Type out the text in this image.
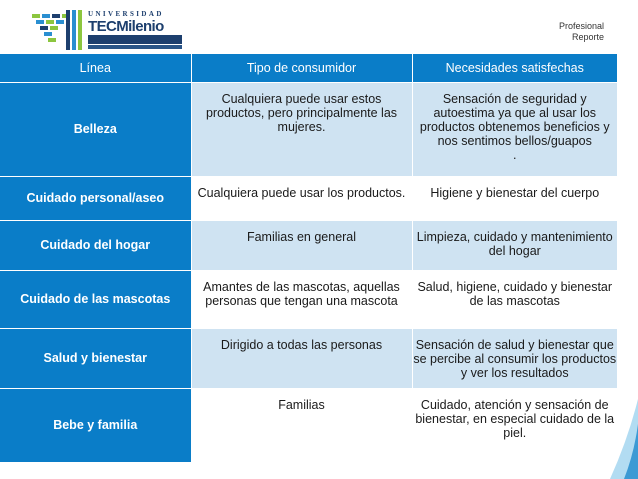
UNIVERSIDAD
TECMilenio	Profesional
Reporte
Línea	Tipo de consumidor	Necesidades satisfechas
Belleza	Cualquiera puede usar estos productos, pero principalmente las mujeres.	Sensación de seguridad y autoestima ya que al usar los productos obtenemos beneficios y nos sentimos bellos/guapos
.
Cuidado personal/aseo	Cualquiera puede usar los productos.	Higiene y bienestar del cuerpo
Cuidado del hogar	Familias en general	Limpieza, cuidado y mantenimiento del hogar
Cuidado de las mascotas	Amantes de las mascotas, aquellas personas que tengan una mascota	Salud, higiene, cuidado y bienestar de las mascotas
Salud y bienestar	Dirigido a todas las personas	Sensación de salud y bienestar que se percibe al consumir los productos y ver los resultados
Bebe y familia	Familias	Cuidado, atención y sensación de bienestar, en especial cuidado de la piel.
